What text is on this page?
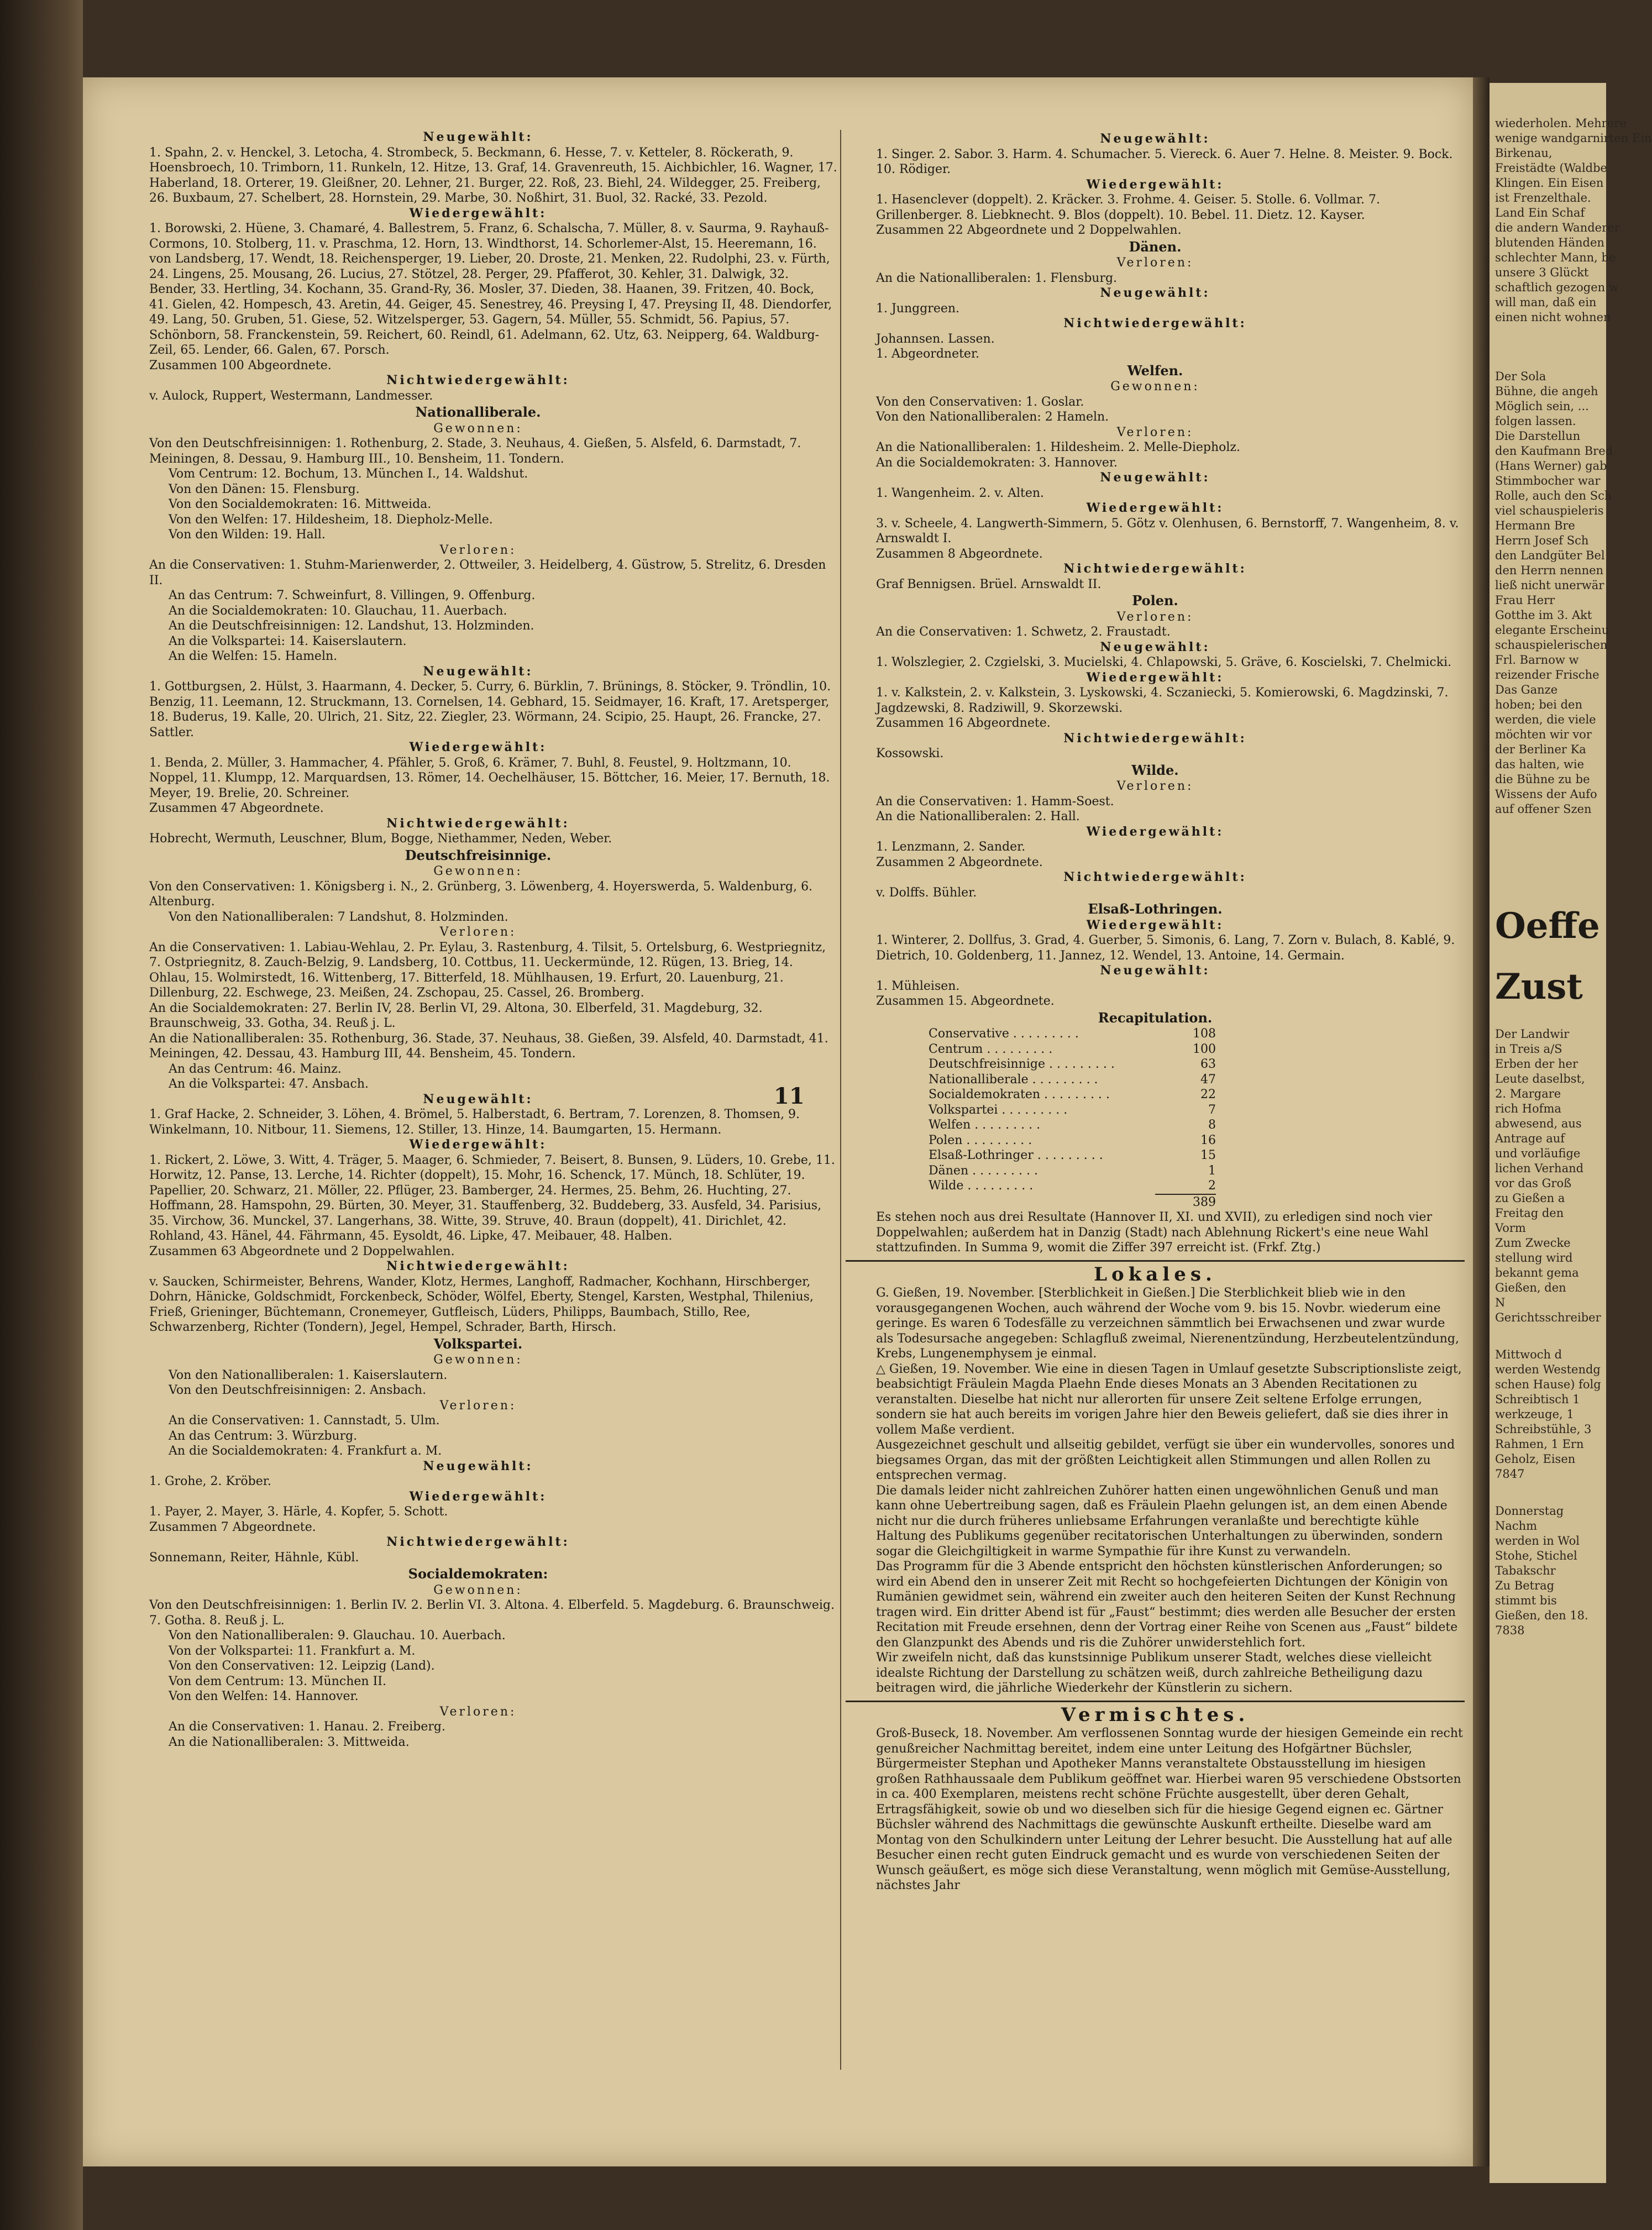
Neugewählt:

1. Spahn, 2. v. Henckel, 3. Letocha, 4. Strombeck, 5. Beckmann, 6. Hesse, 7. v. Ketteler, 8. Röckerath, 9. Hoensbroech, 10. Trimborn, 11. Runkeln, 12. Hitze, 13. Graf, 14. Gravenreuth, 15. Aichbichler, 16. Wagner, 17. Haberland, 18. Orterer, 19. Gleißner, 20. Lehner, 21. Burger, 22. Roß, 23. Biehl, 24. Wildegger, 25. Freiberg, 26. Buxbaum, 27. Schelbert, 28. Hornstein, 29. Marbe, 30. Noßhirt, 31. Buol, 32. Racké, 33. Pezold.

Wiedergewählt:

1. Borowski, 2. Hüene, 3. Chamaré, 4. Ballestrem, 5. Franz, 6. Schalscha, 7. Müller, 8. v. Saurma, 9. Rayhauß-Cormons, 10. Stolberg, 11. v. Praschma, 12. Horn, 13. Windthorst, 14. Schorlemer-Alst, 15. Heeremann, 16. von Landsberg, 17. Wendt, 18. Reichensperger, 19. Lieber, 20. Droste, 21. Menken, 22. Rudolphi, 23. v. Fürth, 24. Lingens, 25. Mousang, 26. Lucius, 27. Stötzel, 28. Perger, 29. Pfafferot, 30. Kehler, 31. Dalwigk, 32. Bender, 33. Hertling, 34. Kochann, 35. Grand-Ry, 36. Mosler, 37. Dieden, 38. Haanen, 39. Fritzen, 40. Bock, 41. Gielen, 42. Hompesch, 43. Aretin, 44. Geiger, 45. Senestrey, 46. Preysing I, 47. Preysing II, 48. Diendorfer, 49. Lang, 50. Gruben, 51. Giese, 52. Witzelsperger, 53. Gagern, 54. Müller, 55. Schmidt, 56. Papius, 57. Schönborn, 58. Franckenstein, 59. Reichert, 60. Reindl, 61. Adelmann, 62. Utz, 63. Neipperg, 64. Waldburg-Zeil, 65. Lender, 66. Galen, 67. Porsch.

Zusammen 100 Abgeordnete.

Nichtwiedergewählt:

v. Aulock, Ruppert, Westermann, Landmesser.

Nationalliberale.

Gewonnen:

Von den Deutschfreisinnigen: 1. Rothenburg, 2. Stade, 3. Neuhaus, 4. Gießen, 5. Alsfeld, 6. Darmstadt, 7. Meiningen, 8. Dessau, 9. Hamburg III., 10. Bensheim, 11. Tondern.

Vom Centrum: 12. Bochum, 13. München I., 14. Waldshut.

Von den Dänen: 15. Flensburg.

Von den Socialdemokraten: 16. Mittweida.

Von den Welfen: 17. Hildesheim, 18. Diepholz-Melle.

Von den Wilden: 19. Hall.

Verloren:

An die Conservativen: 1. Stuhm-Marienwerder, 2. Ottweiler, 3. Heidelberg, 4. Güstrow, 5. Strelitz, 6. Dresden II.

An das Centrum: 7. Schweinfurt, 8. Villingen, 9. Offenburg.

An die Socialdemokraten: 10. Glauchau, 11. Auerbach.

An die Deutschfreisinnigen: 12. Landshut, 13. Holzminden.

An die Volkspartei: 14. Kaiserslautern.

An die Welfen: 15. Hameln.

Neugewählt:

1. Gottburgsen, 2. Hülst, 3. Haarmann, 4. Decker, 5. Curry, 6. Bürklin, 7. Brünings, 8. Stöcker, 9. Tröndlin, 10. Benzig, 11. Leemann, 12. Struckmann, 13. Cornelsen, 14. Gebhard, 15. Seidmayer, 16. Kraft, 17. Aretsperger, 18. Buderus, 19. Kalle, 20. Ulrich, 21. Sitz, 22. Ziegler, 23. Wörmann, 24. Scipio, 25. Haupt, 26. Francke, 27. Sattler.

Wiedergewählt:

1. Benda, 2. Müller, 3. Hammacher, 4. Pfähler, 5. Groß, 6. Krämer, 7. Buhl, 8. Feustel, 9. Holtzmann, 10. Noppel, 11. Klumpp, 12. Marquardsen, 13. Römer, 14. Oechelhäuser, 15. Böttcher, 16. Meier, 17. Bernuth, 18. Meyer, 19. Brelie, 20. Schreiner.

Zusammen 47 Abgeordnete.

Nichtwiedergewählt:

Hobrecht, Wermuth, Leuschner, Blum, Bogge, Niethammer, Neden, Weber.

Deutschfreisinnige.

Gewonnen:

Von den Conservativen: 1. Königsberg i. N., 2. Grünberg, 3. Löwenberg, 4. Hoyerswerda, 5. Waldenburg, 6. Altenburg.

Von den Nationalliberalen: 7 Landshut, 8. Holzminden.

Verloren:

An die Conservativen: 1. Labiau-Wehlau, 2. Pr. Eylau, 3. Rastenburg, 4. Tilsit, 5. Ortelsburg, 6. Westpriegnitz, 7. Ostpriegnitz, 8. Zauch-Belzig, 9. Landsberg, 10. Cottbus, 11. Ueckermünde, 12. Rügen, 13. Brieg, 14. Ohlau, 15. Wolmirstedt, 16. Wittenberg, 17. Bitterfeld, 18. Mühlhausen, 19. Erfurt, 20. Lauenburg, 21. Dillenburg, 22. Eschwege, 23. Meißen, 24. Zschopau, 25. Cassel, 26. Bromberg.

An die Socialdemokraten: 27. Berlin IV, 28. Berlin VI, 29. Altona, 30. Elberfeld, 31. Magdeburg, 32. Braunschweig, 33. Gotha, 34. Reuß j. L.

An die Nationalliberalen: 35. Rothenburg, 36. Stade, 37. Neuhaus, 38. Gießen, 39. Alsfeld, 40. Darmstadt, 41. Meiningen, 42. Dessau, 43. Hamburg III, 44. Bensheim, 45. Tondern.

An das Centrum: 46. Mainz.

An die Volkspartei: 47. Ansbach.

Neugewählt:

1. Graf Hacke, 2. Schneider, 3. Löhen, 4. Brömel, 5. Halberstadt, 6. Bertram, 7. Lorenzen, 8. Thomsen, 9. Winkelmann, 10. Nitbour, 11. Siemens, 12. Stiller, 13. Hinze, 14. Baumgarten, 15. Hermann.

Wiedergewählt:

1. Rickert, 2. Löwe, 3. Witt, 4. Träger, 5. Maager, 6. Schmieder, 7. Beisert, 8. Bunsen, 9. Lüders, 10. Grebe, 11. Horwitz, 12. Panse, 13. Lerche, 14. Richter (doppelt), 15. Mohr, 16. Schenck, 17. Münch, 18. Schlüter, 19. Papellier, 20. Schwarz, 21. Möller, 22. Pflüger, 23. Bamberger, 24. Hermes, 25. Behm, 26. Huchting, 27. Hoffmann, 28. Hamspohn, 29. Bürten, 30. Meyer, 31. Stauffenberg, 32. Buddeberg, 33. Ausfeld, 34. Parisius, 35. Virchow, 36. Munckel, 37. Langerhans, 38. Witte, 39. Struve, 40. Braun (doppelt), 41. Dirichlet, 42. Rohland, 43. Hänel, 44. Fährmann, 45. Eysoldt, 46. Lipke, 47. Meibauer, 48. Halben.

Zusammen 63 Abgeordnete und 2 Doppelwahlen.

Nichtwiedergewählt:

v. Saucken, Schirmeister, Behrens, Wander, Klotz, Hermes, Langhoff, Radmacher, Kochhann, Hirschberger, Dohrn, Hänicke, Goldschmidt, Forckenbeck, Schöder, Wölfel, Eberty, Stengel, Karsten, Westphal, Thilenius, Frieß, Grieninger, Büchtemann, Cronemeyer, Gutfleisch, Lüders, Philipps, Baumbach, Stillo, Ree, Schwarzenberg, Richter (Tondern), Jegel, Hempel, Schrader, Barth, Hirsch.

Volkspartei.

Gewonnen:

Von den Nationalliberalen: 1. Kaiserslautern.

Von den Deutschfreisinnigen: 2. Ansbach.

Verloren:

An die Conservativen: 1. Cannstadt, 5. Ulm.

An das Centrum: 3. Würzburg.

An die Socialdemokraten: 4. Frankfurt a. M.

Neugewählt:

1. Grohe, 2. Kröber.

Wiedergewählt:

1. Payer, 2. Mayer, 3. Härle, 4. Kopfer, 5. Schott.

Zusammen 7 Abgeordnete.

Nichtwiedergewählt:

Sonnemann, Reiter, Hähnle, Kübl.

Socialdemokraten:

Gewonnen:

Von den Deutschfreisinnigen: 1. Berlin IV. 2. Berlin VI. 3. Altona. 4. Elberfeld. 5. Magdeburg. 6. Braunschweig. 7. Gotha. 8. Reuß j. L.

Von den Nationalliberalen: 9. Glauchau. 10. Auerbach.

Von der Volkspartei: 11. Frankfurt a. M.

Von den Conservativen: 12. Leipzig (Land).

Von dem Centrum: 13. München II.

Von den Welfen: 14. Hannover.

Verloren:

An die Conservativen: 1. Hanau. 2. Freiberg.

An die Nationalliberalen: 3. Mittweida.

11

Neugewählt:

1. Singer. 2. Sabor. 3. Harm. 4. Schumacher. 5. Viereck. 6. Auer 7. Helne. 8. Meister. 9. Bock. 10. Rödiger.

Wiedergewählt:

1. Hasenclever (doppelt). 2. Kräcker. 3. Frohme. 4. Geiser. 5. Stolle. 6. Vollmar. 7. Grillenberger. 8. Liebknecht. 9. Blos (doppelt). 10. Bebel. 11. Dietz. 12. Kayser.

Zusammen 22 Abgeordnete und 2 Doppelwahlen.

Dänen.

Verloren:

An die Nationalliberalen: 1. Flensburg.

Neugewählt:

1. Junggreen.

Nichtwiedergewählt:

Johannsen. Lassen.

1. Abgeordneter.

Welfen.

Gewonnen:

Von den Conservativen: 1. Goslar.

Von den Nationalliberalen: 2 Hameln.

Verloren:

An die Nationalliberalen: 1. Hildesheim. 2. Melle-Diepholz.

An die Socialdemokraten: 3. Hannover.

Neugewählt:

1. Wangenheim. 2. v. Alten.

Wiedergewählt:

3. v. Scheele, 4. Langwerth-Simmern, 5. Götz v. Olenhusen, 6. Bernstorff, 7. Wangenheim, 8. v. Arnswaldt I.

Zusammen 8 Abgeordnete.

Nichtwiedergewählt:

Graf Bennigsen. Brüel. Arnswaldt II.

Polen.

Verloren:

An die Conservativen: 1. Schwetz, 2. Fraustadt.

Neugewählt:

1. Wolszlegier, 2. Czgielski, 3. Mucielski, 4. Chlapowski, 5. Gräve, 6. Koscielski, 7. Chelmicki.

Wiedergewählt:

1. v. Kalkstein, 2. v. Kalkstein, 3. Lyskowski, 4. Sczaniecki, 5. Komierowski, 6. Magdzinski, 7. Jagdzewski, 8. Radziwill, 9. Skorzewski.

Zusammen 16 Abgeordnete.

Nichtwiedergewählt:

Kossowski.

Wilde.

Verloren:

An die Conservativen: 1. Hamm-Soest.

An die Nationalliberalen: 2. Hall.

Wiedergewählt:

1. Lenzmann, 2. Sander.

Zusammen 2 Abgeordnete.

Nichtwiedergewählt:

v. Dolffs. Bühler.

Elsaß-Lothringen.

Wiedergewählt:

1. Winterer, 2. Dollfus, 3. Grad, 4. Guerber, 5. Simonis, 6. Lang, 7. Zorn v. Bulach, 8. Kablé, 9. Dietrich, 10. Goldenberg, 11. Jannez, 12. Wendel, 13. Antoine, 14. Germain.

Neugewählt:

1. Mühleisen.

Zusammen 15. Abgeordnete.

Recapitulation.

Conservative . . . . . . . . .	108
Centrum . . . . . . . . .	100
Deutschfreisinnige . . . . . . . . .	63
Nationalliberale . . . . . . . . .	47
Socialdemokraten . . . . . . . . .	22
Volkspartei . . . . . . . . .	7
Welfen . . . . . . . . .	8
Polen . . . . . . . . .	16
Elsaß-Lothringer . . . . . . . . .	15
Dänen . . . . . . . . .	1
Wilde . . . . . . . . .	2
389

Es stehen noch aus drei Resultate (Hannover II, XI. und XVII), zu erledigen sind noch vier Doppelwahlen; außerdem hat in Danzig (Stadt) nach Ablehnung Rickert's eine neue Wahl stattzufinden. In Summa 9, womit die Ziffer 397 erreicht ist. (Frkf. Ztg.)

Lokales.

G. Gießen, 19. November. [Sterblichkeit in Gießen.] Die Sterblichkeit blieb wie in den vorausgegangenen Wochen, auch während der Woche vom 9. bis 15. Novbr. wiederum eine geringe. Es waren 6 Todesfälle zu verzeichnen sämmtlich bei Erwachsenen und zwar wurde als Todesursache angegeben: Schlagfluß zweimal, Nierenentzündung, Herzbeutelentzündung, Krebs, Lungenemphysem je einmal.

△ Gießen, 19. November. Wie eine in diesen Tagen in Umlauf gesetzte Subscriptionsliste zeigt, beabsichtigt Fräulein Magda Plaehn Ende dieses Monats an 3 Abenden Recitationen zu veranstalten. Dieselbe hat nicht nur allerorten für unsere Zeit seltene Erfolge errungen, sondern sie hat auch bereits im vorigen Jahre hier den Beweis geliefert, daß sie dies ihrer in vollem Maße verdient.

Ausgezeichnet geschult und allseitig gebildet, verfügt sie über ein wundervolles, sonores und biegsames Organ, das mit der größten Leichtigkeit allen Stimmungen und allen Rollen zu entsprechen vermag.

Die damals leider nicht zahlreichen Zuhörer hatten einen ungewöhnlichen Genuß und man kann ohne Uebertreibung sagen, daß es Fräulein Plaehn gelungen ist, an dem einen Abende nicht nur die durch früheres unliebsame Erfahrungen veranlaßte und berechtigte kühle Haltung des Publikums gegenüber recitatorischen Unterhaltungen zu überwinden, sondern sogar die Gleichgiltigkeit in warme Sympathie für ihre Kunst zu verwandeln.

Das Programm für die 3 Abende entspricht den höchsten künstlerischen Anforderungen; so wird ein Abend den in unserer Zeit mit Recht so hochgefeierten Dichtungen der Königin von Rumänien gewidmet sein, während ein zweiter auch den heiteren Seiten der Kunst Rechnung tragen wird. Ein dritter Abend ist für „Faust“ bestimmt; dies werden alle Besucher der ersten Recitation mit Freude ersehnen, denn der Vortrag einer Reihe von Scenen aus „Faust“ bildete den Glanzpunkt des Abends und ris die Zuhörer unwiderstehlich fort.

Wir zweifeln nicht, daß das kunstsinnige Publikum unserer Stadt, welches diese vielleicht idealste Richtung der Darstellung zu schätzen weiß, durch zahlreiche Betheiligung dazu beitragen wird, die jährliche Wiederkehr der Künstlerin zu sichern.

Vermischtes.

Groß-Buseck, 18. November. Am verflossenen Sonntag wurde der hiesigen Gemeinde ein recht genußreicher Nachmittag bereitet, indem eine unter Leitung des Hofgärtner Büchsler, Bürgermeister Stephan und Apotheker Manns veranstaltete Obstausstellung im hiesigen großen Rathhaussaale dem Publikum geöffnet war. Hierbei waren 95 verschiedene Obstsorten in ca. 400 Exemplaren, meistens recht schöne Früchte ausgestellt, über deren Gehalt, Ertragsfähigkeit, sowie ob und wo dieselben sich für die hiesige Gegend eignen ec. Gärtner Büchsler während des Nachmittags die gewünschte Auskunft ertheilte. Dieselbe ward am Montag von den Schulkindern unter Leitung der Lehrer besucht. Die Ausstellung hat auf alle Besucher einen recht guten Eindruck gemacht und es wurde von verschiedenen Seiten der Wunsch geäußert, es möge sich diese Veranstaltung, wenn möglich mit Gemüse-Ausstellung, nächstes Jahr

wiederholen. Mehrere
wenige wandgarnirten Ein
Birkenau,
Freistädte (Waldbe
Klingen. Ein Eisen
ist Frenzelthale.
Land Ein Schaf
die andern Wanderer
blutenden Händen
schlechter Mann, be
unsere 3 Glückt
schaftlich gezogen w
will man, daß ein
einen nicht wohnen
Der Sola
Bühne, die angeh
Möglich sein, ...
folgen lassen.
Die Darstellun
den Kaufmann Bred
(Hans Werner) gab
Stimmbocher war
Rolle, auch den Sch
viel schauspieleris
Hermann Bre
Herrn Josef Sch
den Landgüter Bel
den Herrn nennen
ließ nicht unerwär
Frau Herr
Gotthe im 3. Akt
elegante Erscheinu
schauspielerischen
Frl. Barnow w
reizender Frische
Das Ganze
hoben; bei den
werden, die viele
möchten wir vor
der Berliner Ka
das halten, wie
die Bühne zu be
Wissens der Aufo
auf offener Szen
Oeffe
Zust
Der Landwir
in Treis a/S
Erben der her
Leute daselbst,
2. Margare
rich Hofma
abwesend, aus
Antrage auf
und vorläufige
lichen Verhand
vor das Groß
zu Gießen a
Freitag den
Vorm
Zum Zwecke
stellung wird
bekannt gema
Gießen, den
N
Gerichtsschreiber
Mittwoch d
werden Westendg
schen Hause) folg
Schreibtisch 1
werkzeuge, 1
Schreibstühle, 3
Rahmen, 1 Ern
Geholz, Eisen
7847
Donnerstag
Nachm
werden in Wol
Stohe, Stichel
Tabakschr
Zu Betrag
stimmt bis
Gießen, den 18.
7838
